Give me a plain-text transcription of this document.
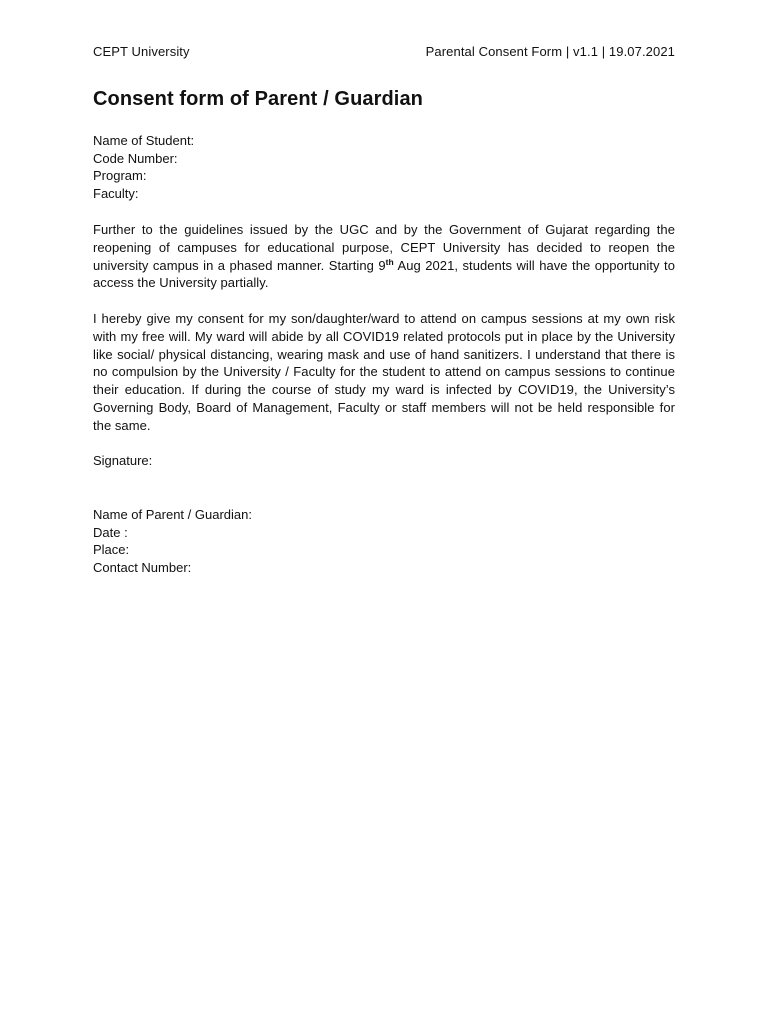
CEPT University	Parental Consent Form | v1.1 | 19.07.2021
Consent form of Parent / Guardian
Name of Student:
Code Number:
Program:
Faculty:
Further to the guidelines issued by the UGC and by the Government of Gujarat regarding the reopening of campuses for educational purpose, CEPT University has decided to reopen the university campus in a phased manner. Starting 9th Aug 2021, students will have the opportunity to access the University partially.
I hereby give my consent for my son/daughter/ward to attend on campus sessions at my own risk with my free will. My ward will abide by all COVID19 related protocols put in place by the University like social/ physical distancing, wearing mask and use of hand sanitizers. I understand that there is no compulsion by the University / Faculty for the student to attend on campus sessions to continue their education. If during the course of study my ward is infected by COVID19, the University’s Governing Body, Board of Management, Faculty or staff members will not be held responsible for the same.
Signature:
Name of Parent / Guardian:
Date :
Place:
Contact Number:
